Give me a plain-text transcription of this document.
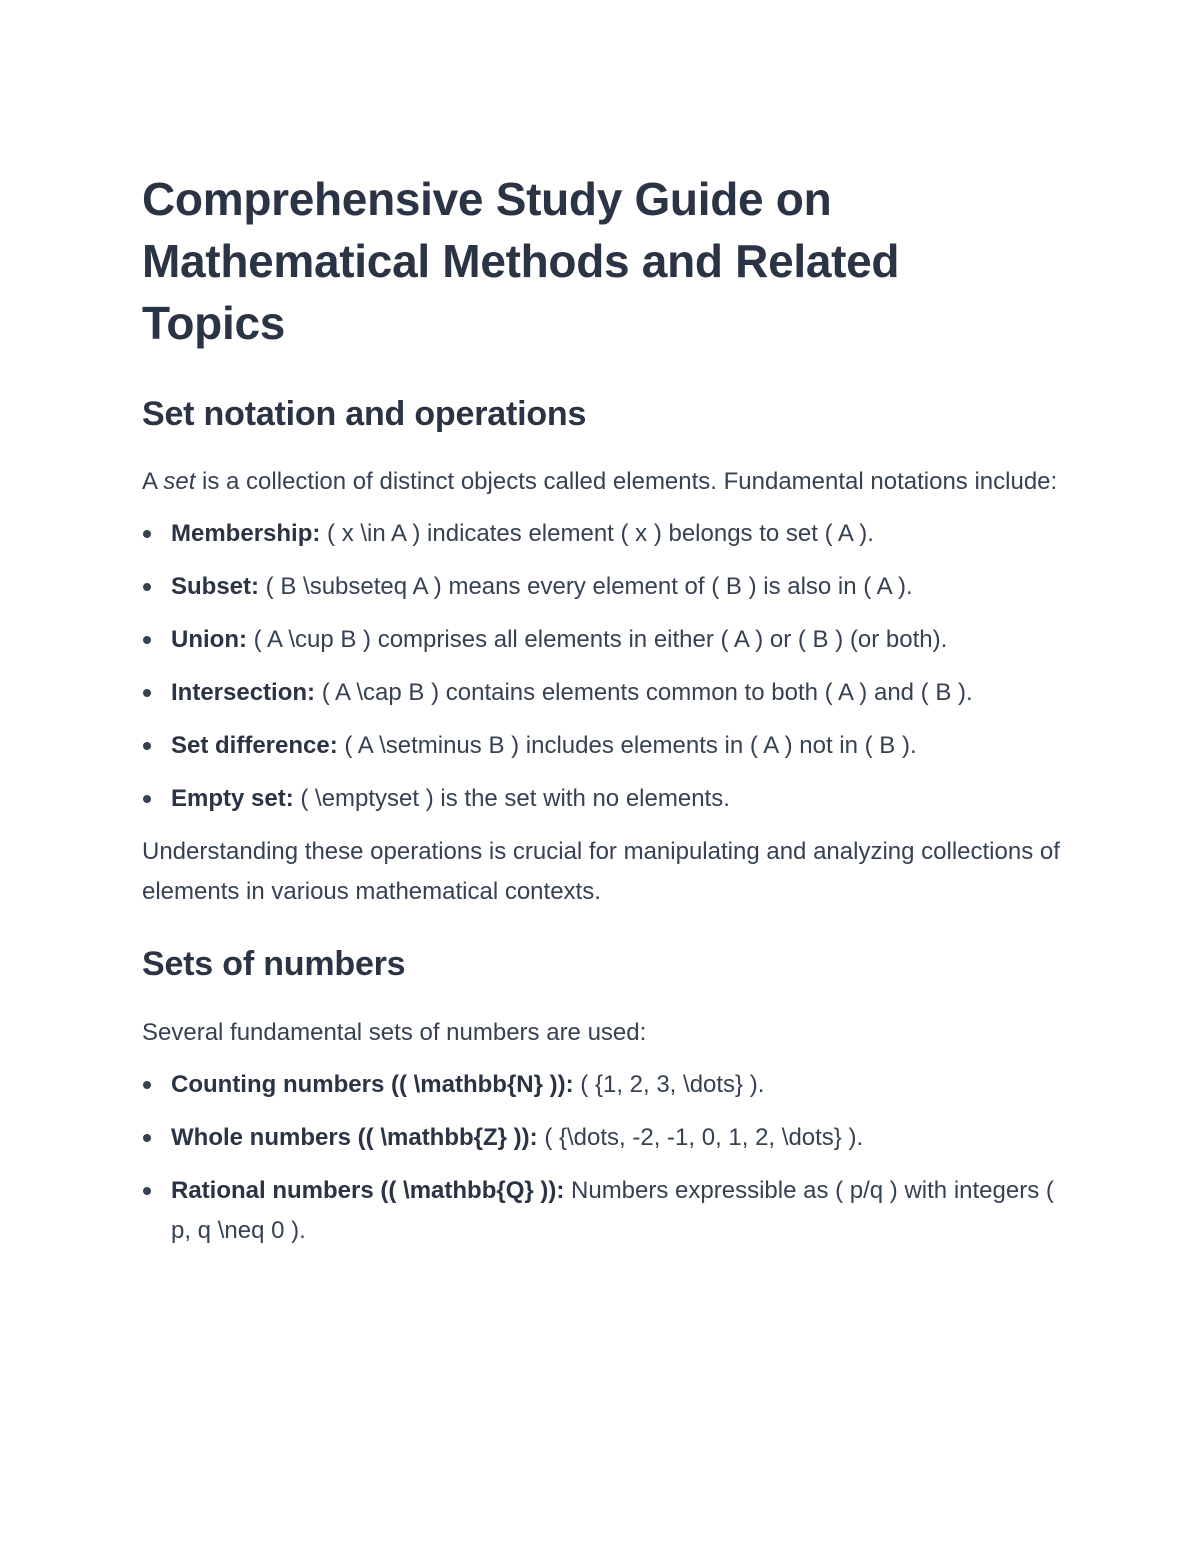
Comprehensive Study Guide on Mathematical Methods and Related Topics
Set notation and operations

A set is a collection of distinct objects called elements. Fundamental notations include:

Membership: ( x \in A ) indicates element ( x ) belongs to set ( A ).
Subset: ( B \subseteq A ) means every element of ( B ) is also in ( A ).
Union: ( A \cup B ) comprises all elements in either ( A ) or ( B ) (or both).
Intersection: ( A \cap B ) contains elements common to both ( A ) and ( B ).
Set difference: ( A \setminus B ) includes elements in ( A ) not in ( B ).
Empty set: ( \emptyset ) is the set with no elements.

Understanding these operations is crucial for manipulating and analyzing collections of elements in various mathematical contexts.

Sets of numbers

Several fundamental sets of numbers are used:

Counting numbers (( \mathbb{N} )): ( {1, 2, 3, \dots} ).
Whole numbers (( \mathbb{Z} )): ( {\dots, -2, -1, 0, 1, 2, \dots} ).
Rational numbers (( \mathbb{Q} )): Numbers expressible as ( p/q ) with integers ( p, q \neq 0 ).
